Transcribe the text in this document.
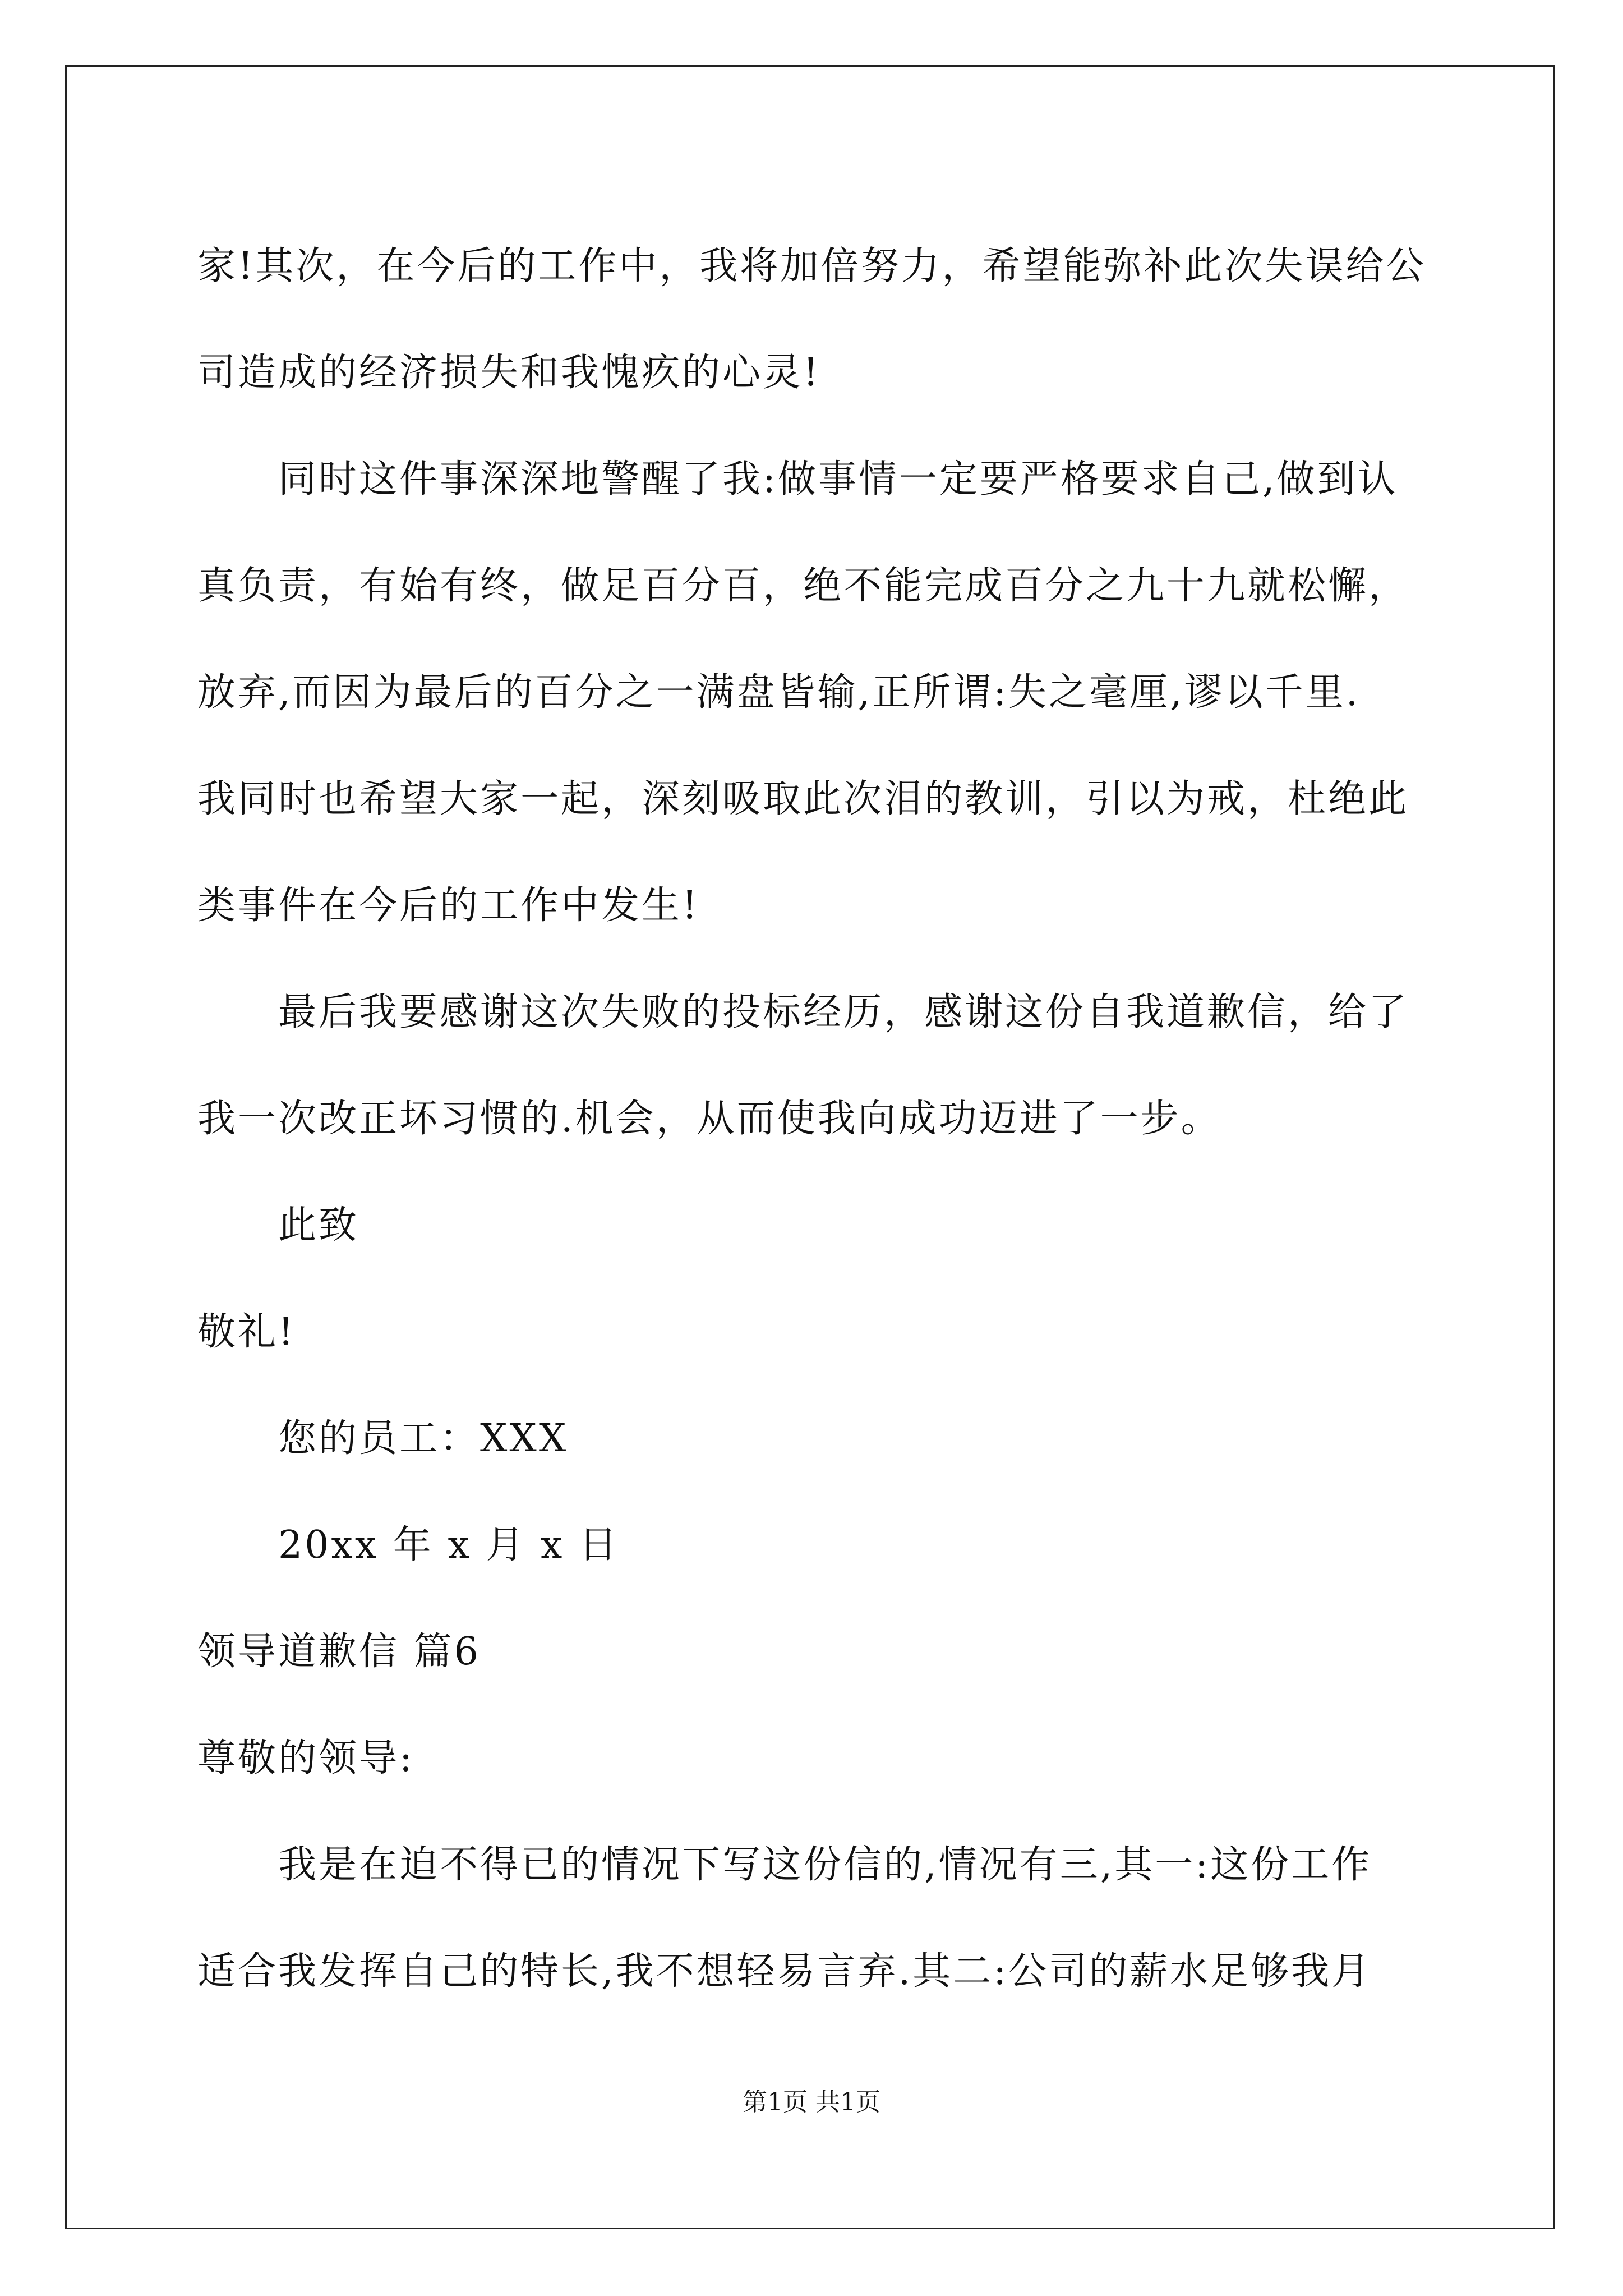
家!其次，在今后的工作中，我将加倍努力，希望能弥补此次失误给公
司造成的经济损失和我愧疚的心灵!
同时这件事深深地警醒了我:做事情一定要严格要求自己,做到认
真负责，有始有终，做足百分百，绝不能完成百分之九十九就松懈，
放弃,而因为最后的百分之一满盘皆输,正所谓:失之毫厘,谬以千里.
我同时也希望大家一起，深刻吸取此次泪的教训，引以为戒，杜绝此
类事件在今后的工作中发生!
最后我要感谢这次失败的投标经历，感谢这份自我道歉信，给了
我一次改正坏习惯的.机会，从而使我向成功迈进了一步。
此致
敬礼!
您的员工：XXX
20xx 年 x 月 x 日
领导道歉信 篇6
尊敬的领导:
我是在迫不得已的情况下写这份信的,情况有三,其一:这份工作
适合我发挥自己的特长,我不想轻易言弃.其二:公司的薪水足够我月
第1页 共1页
